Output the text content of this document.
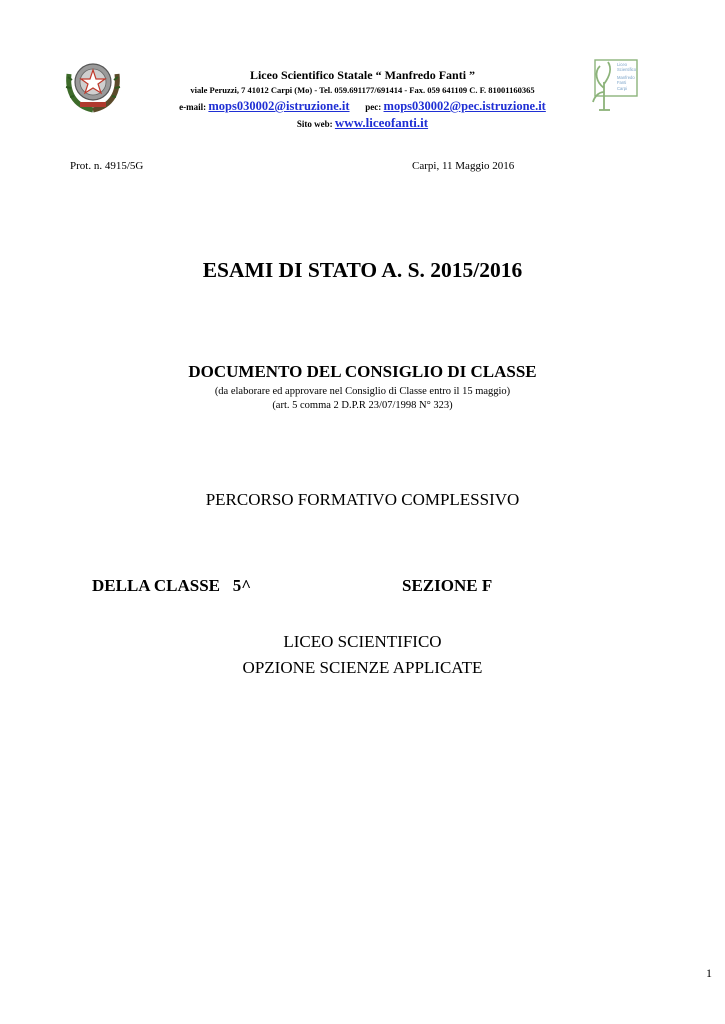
Liceo
Scientifico
Manfredo
Fanti
Carpi
Liceo Scientifico Statale “ Manfredo Fanti ”
viale Peruzzi, 7 41012 Carpi (Mo) - Tel. 059.691177/691414 - Fax. 059 641109 C. F. 81001160365
e-mail: mops030002@istruzione.it pec: mops030002@pec.istruzione.it
Sito web: www.liceofanti.it
Prot. n. 4915/5G	Carpi, 11 Maggio 2016
ESAMI DI STATO A. S. 2015/2016
DOCUMENTO DEL CONSIGLIO DI CLASSE
(da elaborare ed approvare nel Consiglio di Classe entro il 15 maggio)
(art. 5 comma 2 D.P.R 23/07/1998 N° 323)
PERCORSO FORMATIVO COMPLESSIVO
DELLA CLASSE   5^	SEZIONE F
LICEO SCIENTIFICO
OPZIONE SCIENZE APPLICATE
1
